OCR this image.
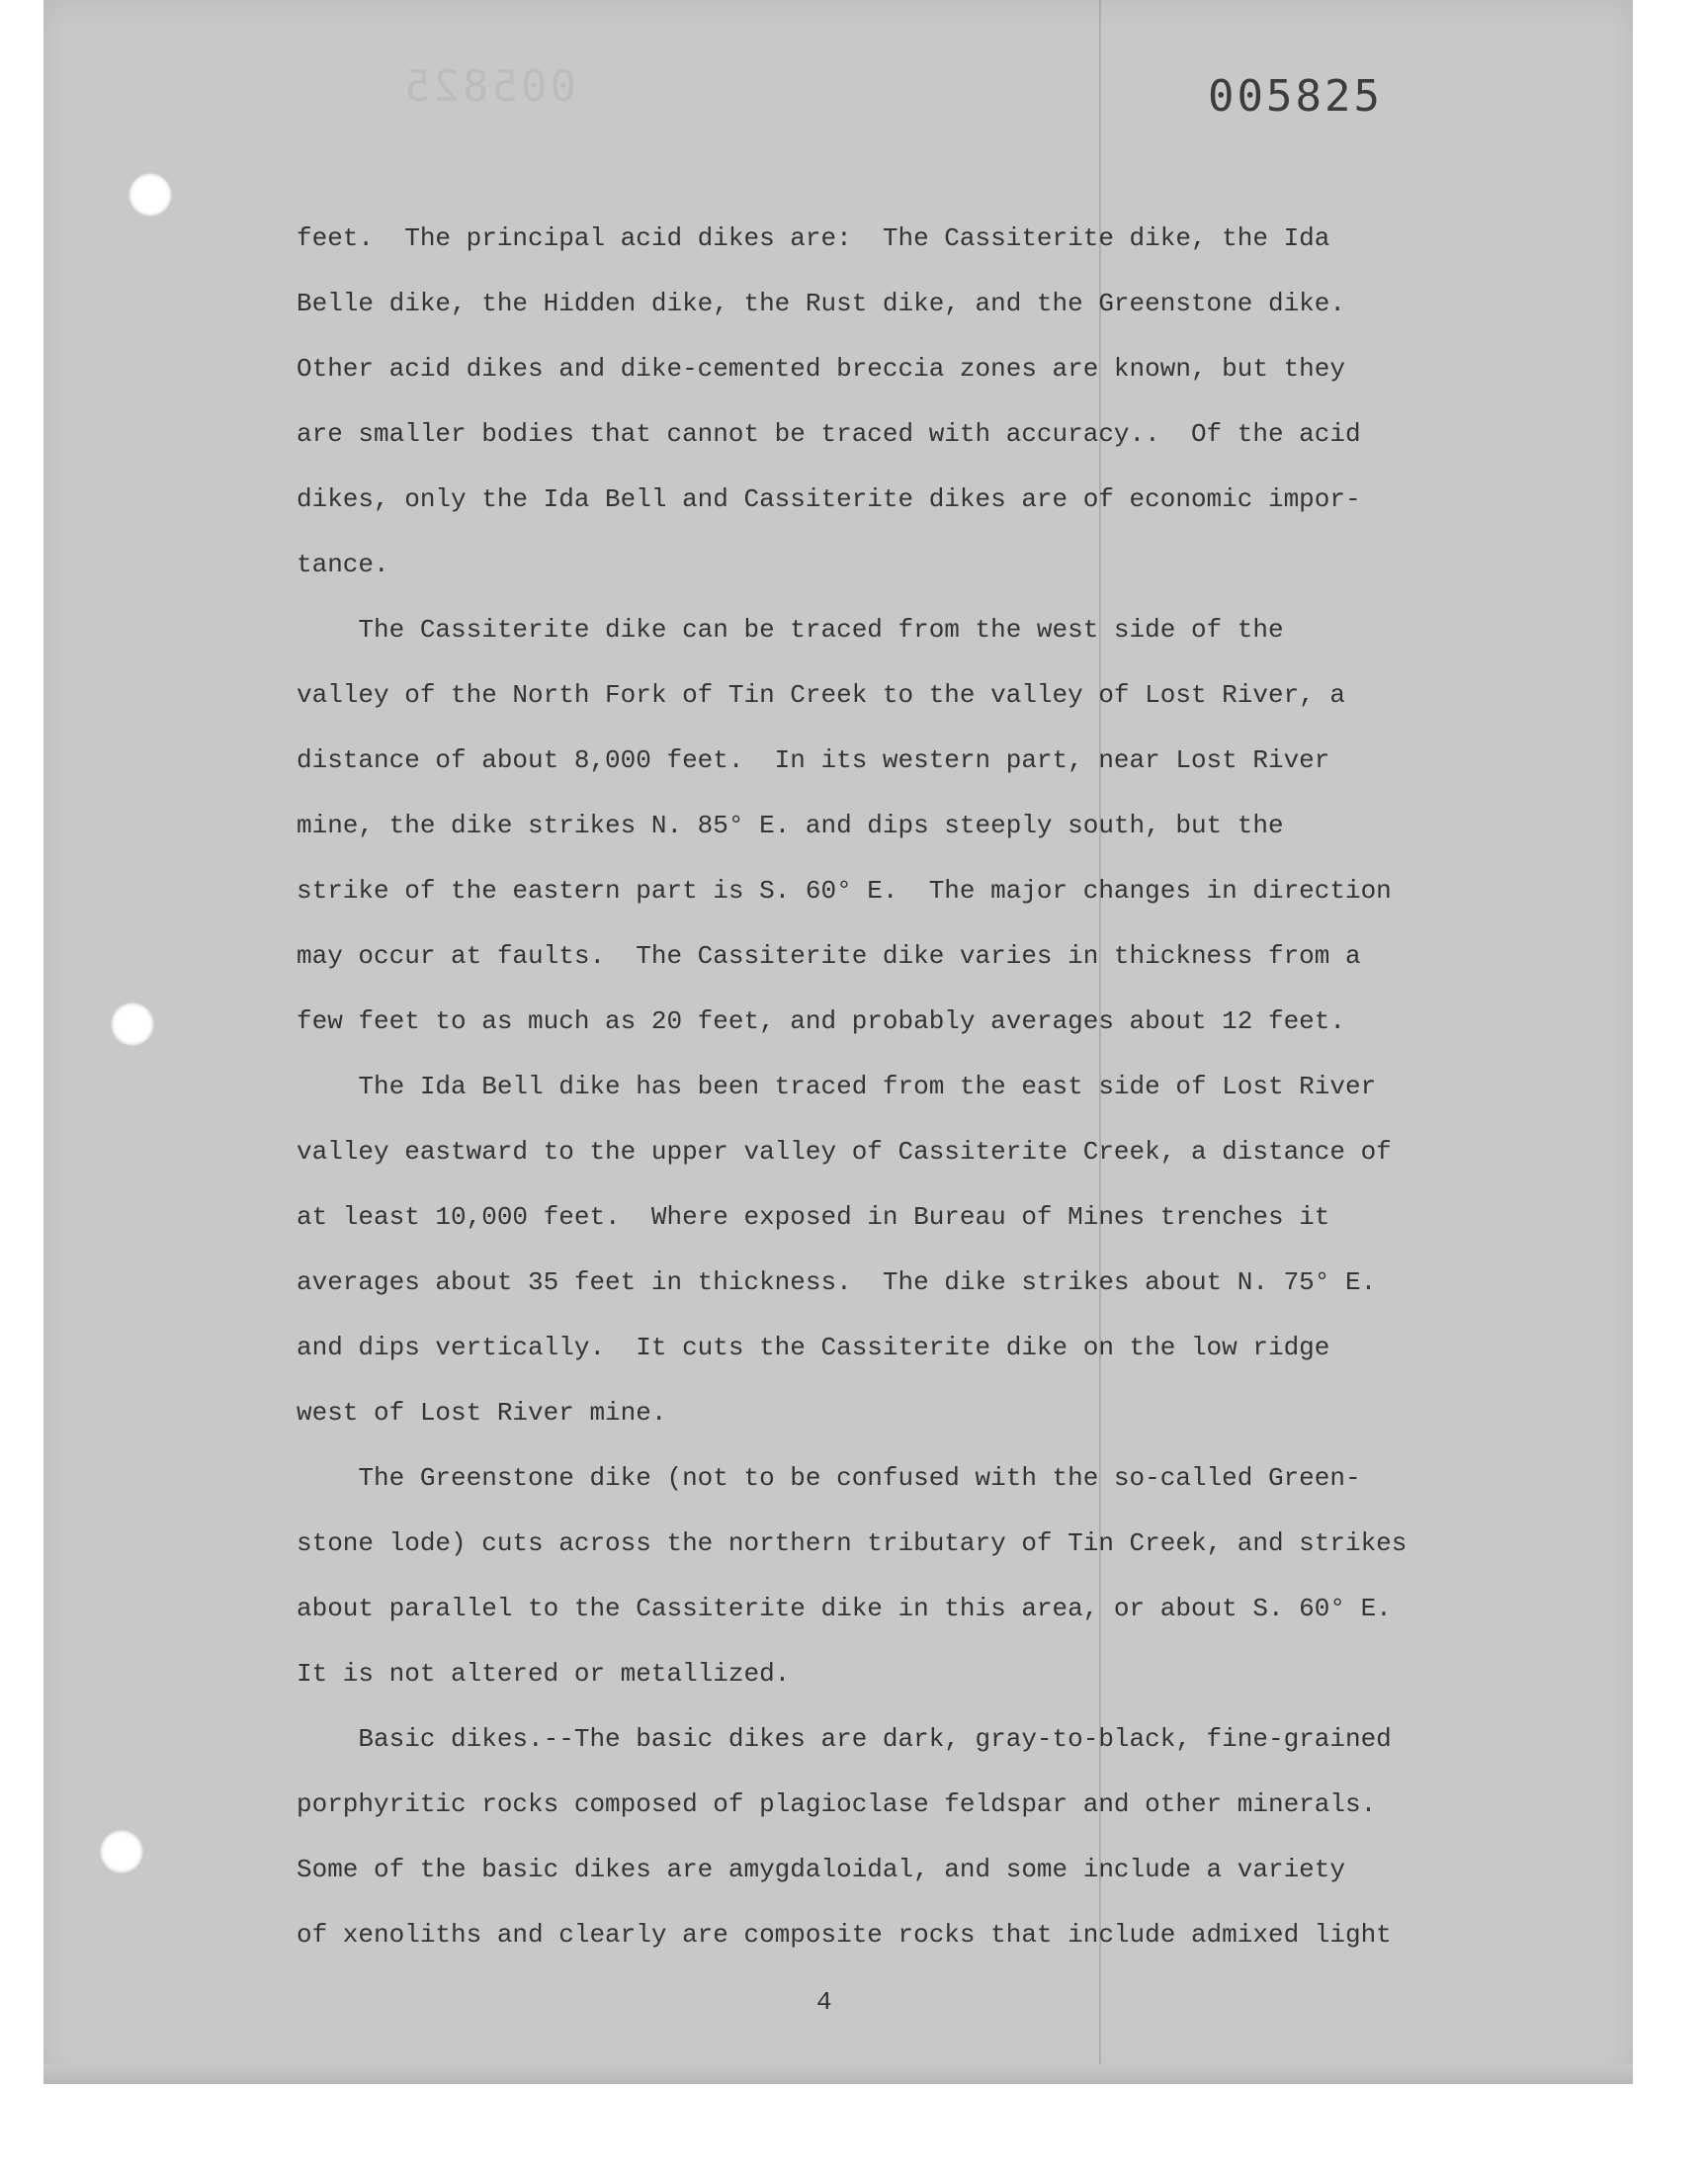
005825	005825
feet.  The principal acid dikes are:  The Cassiterite dike, the Ida
Belle dike, the Hidden dike, the Rust dike, and the Greenstone dike.
Other acid dikes and dike-cemented breccia zones are known, but they
are smaller bodies that cannot be traced with accuracy..  Of the acid
dikes, only the Ida Bell and Cassiterite dikes are of economic impor-
tance.
The Cassiterite dike can be traced from the west side of the
valley of the North Fork of Tin Creek to the valley of Lost River, a
distance of about 8,000 feet.  In its western part, near Lost River
mine, the dike strikes N. 85° E. and dips steeply south, but the
strike of the eastern part is S. 60° E.  The major changes in direction
may occur at faults.  The Cassiterite dike varies in thickness from a
few feet to as much as 20 feet, and probably averages about 12 feet.
The Ida Bell dike has been traced from the east side of Lost River
valley eastward to the upper valley of Cassiterite Creek, a distance of
at least 10,000 feet.  Where exposed in Bureau of Mines trenches it
averages about 35 feet in thickness.  The dike strikes about N. 75° E.
and dips vertically.  It cuts the Cassiterite dike on the low ridge
west of Lost River mine.
The Greenstone dike (not to be confused with the so-called Green-
stone lode) cuts across the northern tributary of Tin Creek, and strikes
about parallel to the Cassiterite dike in this area, or about S. 60° E.
It is not altered or metallized.
Basic dikes.--The basic dikes are dark, gray-to-black, fine-grained
porphyritic rocks composed of plagioclase feldspar and other minerals.
Some of the basic dikes are amygdaloidal, and some include a variety
of xenoliths and clearly are composite rocks that include admixed light
4
